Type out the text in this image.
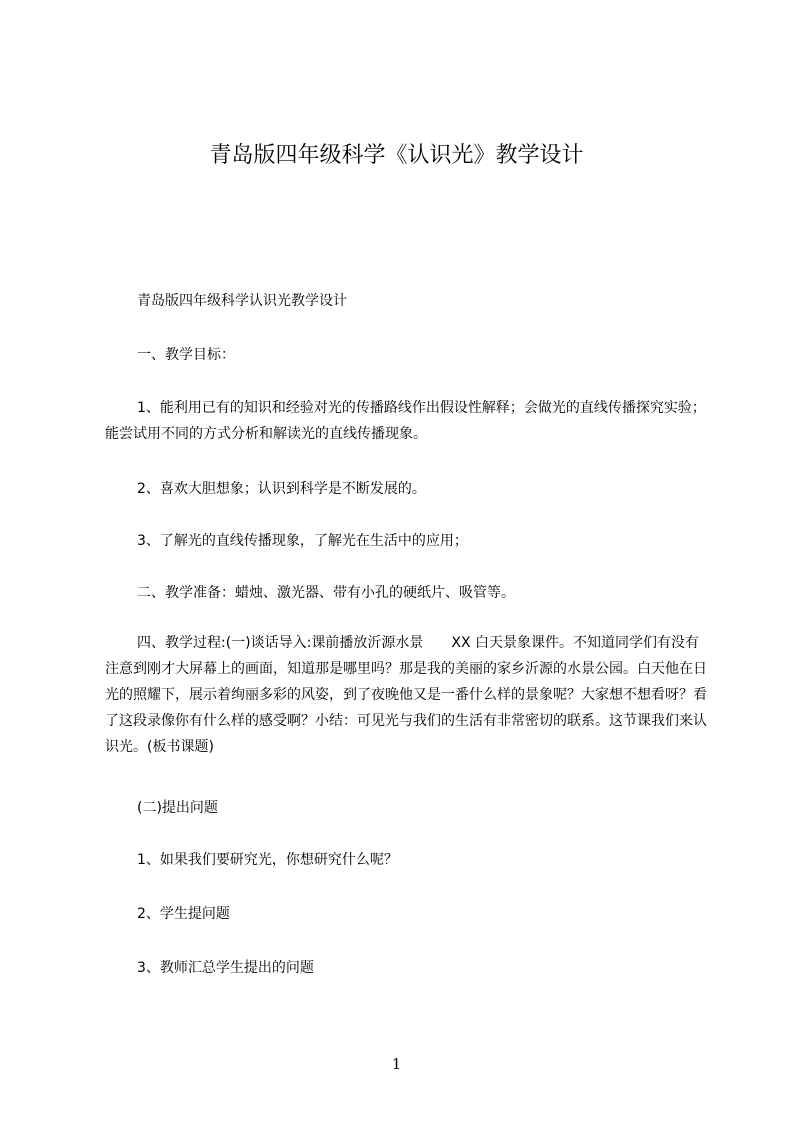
青岛版四年级科学《认识光》教学设计

青岛版四年级科学认识光教学设计

一、教学目标：

1、能利用已有的知识和经验对光的传播路线作出假设性解释；会做光的直线传播探究实验；能尝试用不同的方式分析和解读光的直线传播现象。

2、喜欢大胆想象；认识到科学是不断发展的。

3、了解光的直线传播现象，了解光在生活中的应用；

二、教学准备：蜡烛、激光器、带有小孔的硬纸片、吸管等。

四、教学过程:(一)谈话导入:课前播放沂源水景　　XX 白天景象课件。不知道同学们有没有注意到刚才大屏幕上的画面，知道那是哪里吗？那是我的美丽的家乡沂源的水景公园。白天他在日光的照耀下，展示着绚丽多彩的风姿，到了夜晚他又是一番什么样的景象呢？大家想不想看呀？看了这段录像你有什么样的感受啊？小结：可见光与我们的生活有非常密切的联系。这节课我们来认识光。(板书课题)

(二)提出问题

1、如果我们要研究光，你想研究什么呢？

2、学生提问题

3、教师汇总学生提出的问题

1
